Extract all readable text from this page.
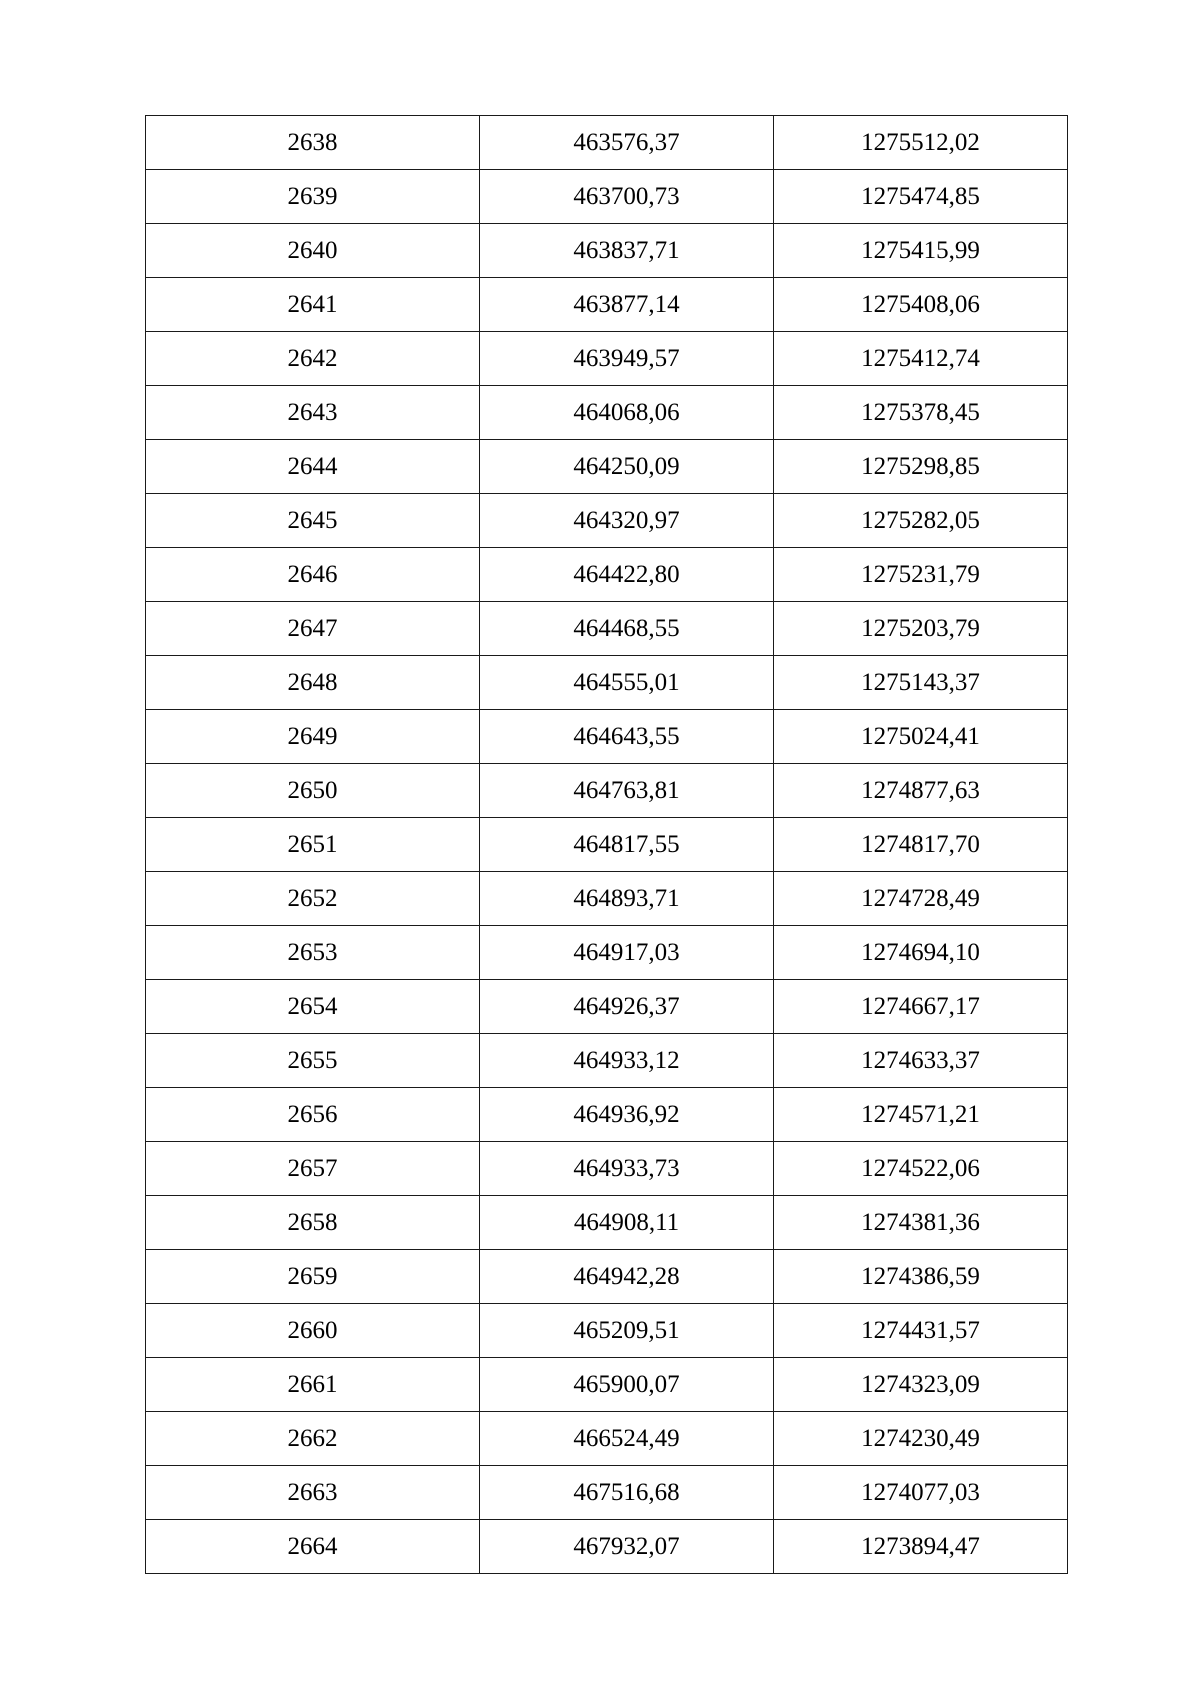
2638	463576,37	1275512,02
2639	463700,73	1275474,85
2640	463837,71	1275415,99
2641	463877,14	1275408,06
2642	463949,57	1275412,74
2643	464068,06	1275378,45
2644	464250,09	1275298,85
2645	464320,97	1275282,05
2646	464422,80	1275231,79
2647	464468,55	1275203,79
2648	464555,01	1275143,37
2649	464643,55	1275024,41
2650	464763,81	1274877,63
2651	464817,55	1274817,70
2652	464893,71	1274728,49
2653	464917,03	1274694,10
2654	464926,37	1274667,17
2655	464933,12	1274633,37
2656	464936,92	1274571,21
2657	464933,73	1274522,06
2658	464908,11	1274381,36
2659	464942,28	1274386,59
2660	465209,51	1274431,57
2661	465900,07	1274323,09
2662	466524,49	1274230,49
2663	467516,68	1274077,03
2664	467932,07	1273894,47
